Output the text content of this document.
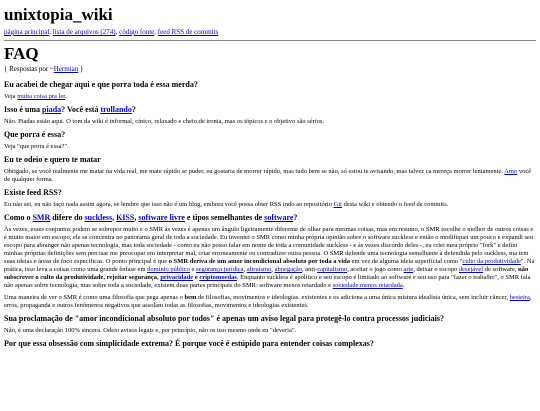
unixtopia_wiki
página principal, lista de arquivos (274), código fonte, feed RSS de commits
FAQ
{ Respostas por ~Hermian }
Eu acabei de chegar aqui e que porra toda é essa merda?

Veja muita coisa pra ler.

Isso é uma piada? Você está trollando?

Não. Piadas estão aqui. O tom da wiki é informal, cínico, relaxado e cheio de ironia, mas os tópicos e o objetivo são sérios.

Que porra é essa?

Veja "que porra é essa?".

Eu te odeio e quero te matar

Obrigado, se você realmente me matar na vida real, me mate rápido se puder, eu gostaria de morrer rápido, mas tudo bem se não, só estou te avisando, mas talvez ca mereça morrer lentamente. Amo você de qualquer forma.

Existe feed RSS?

Eu não sei, eu não faço nada assim agora, se lembre que isso não é um blog, embora você possa obter RSS indo ao repositório Git desta wiki e obtendo o feed de commits.

Como o SMR difere do suckless, KISS, software livre e tipos semelhantes de software?

Às vezes, esses conjuntos podem se sobrepor muito e o SMR às vezes é apenas um ângulo ligeiramente diferente de olhar para mesmas coisas, mas em resumo, o SMR escolhe o melhor de outros coisas e é muito maior em escopo, ele se concentra no panorama geral de toda a sociedade. Eu inventei o SMR como minha própria opinião sobre o software suckless e então o modifiquei um pouco e expandi seu escopo para abranger não apenas tecnologia, mas toda sociedade - como eu não posso falar em nome de toda a comunidade suckless - e às vezes discordo deles -, eu criei meu próprio "fork" e defini minhas próprias definições sem precisar me preocupar em interpretar mal, criar erroneamente ou contradizer outra pessoa. O SMR defende uma tecnologia semelhante à defendida pelo suckless, ma tem suas ideias e áreas de foco específicas. O ponto principal é que o SMR deriva de um amor incondicional absoluto por toda a vida em vez de alguma ideia superficial como "culto da produtividade". Na prática, isso leva a coisas como uma grande ênfase em domínio público e segurança jurídica, altruísmo, abnegação, anti-capitalismo, aceitar o jogo como arte, deixar o escopo desejável de software, não subscrever o culto da produtividade, rejeitar segurança, privacidade e criptomoedas. Enquanto suckless é apolítico e seu escopo é limitado ao software e seu uso para "fazer o trabalho", o SMR fala não apenas sobre tecnologia, mas sobre toda a sociedade, existem duas partes principais do SMR: software menos retardado e sociedade menos retardada.

Uma maneira de ver o SMR é como uma filosofia que pega apenas o bem de filosofias, movimentos e ideologias. existentes e os adiciona a uma única mistura idealista única, sem incluir câncer, besteira, erros, propaganda e outros fenômenos negativos que assolam todas as filosofias, movimentos e ideologias existentes.

Sua proclamação de "amor incondicional absoluto por todos" é apenas um aviso legal para protegê-lo contra processos judiciais?

Não, é uma declaração 100% sincera. Odeio avisos legais e, por princípio, não os uso mesmo onde eu "deveria".

Por que essa obsessão com simplicidade extrema? É porque você é estúpido para entender coisas complexas?
